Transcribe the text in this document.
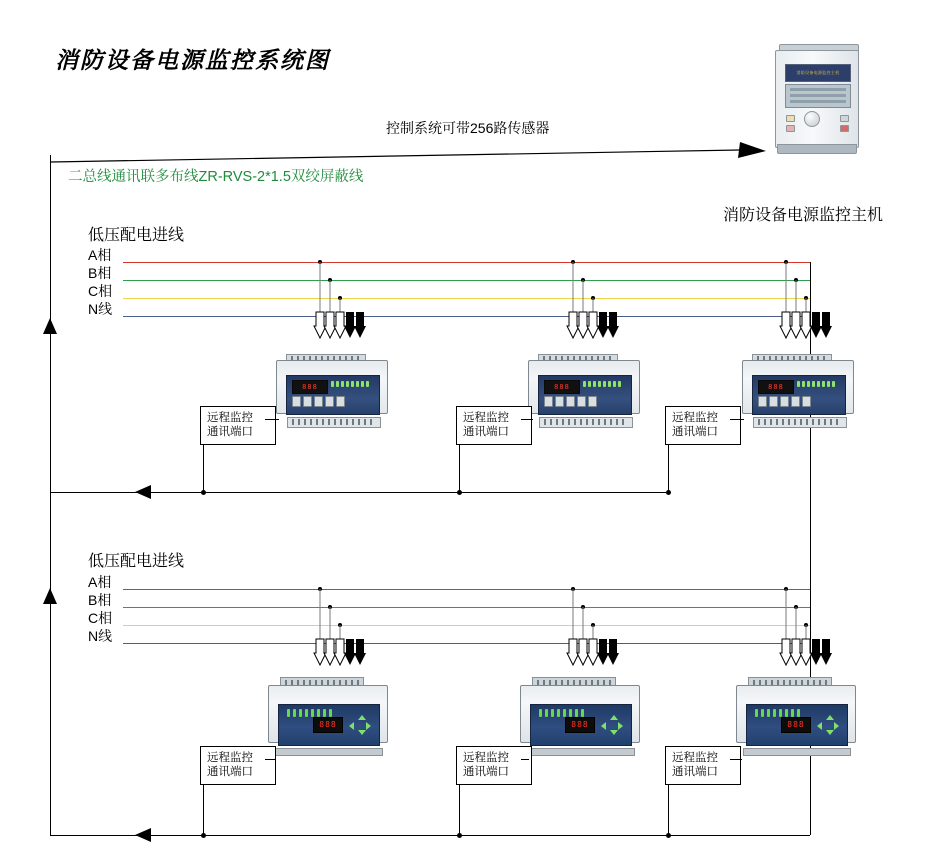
消防设备电源监控系统图	消防设备电源监控主机
消防设备电源监控主机
控制系统可带256路传感器
二总线通讯联多布线ZR-RVS-2*1.5双绞屏蔽线
低压配电进线
A相
B相
C相
N线
888	888	888
远程监控
通讯端口
远程监控
通讯端口
远程监控
通讯端口
低压配电进线
A相
B相
C相
N线
888	888	888
远程监控
通讯端口
远程监控
通讯端口
远程监控
通讯端口
